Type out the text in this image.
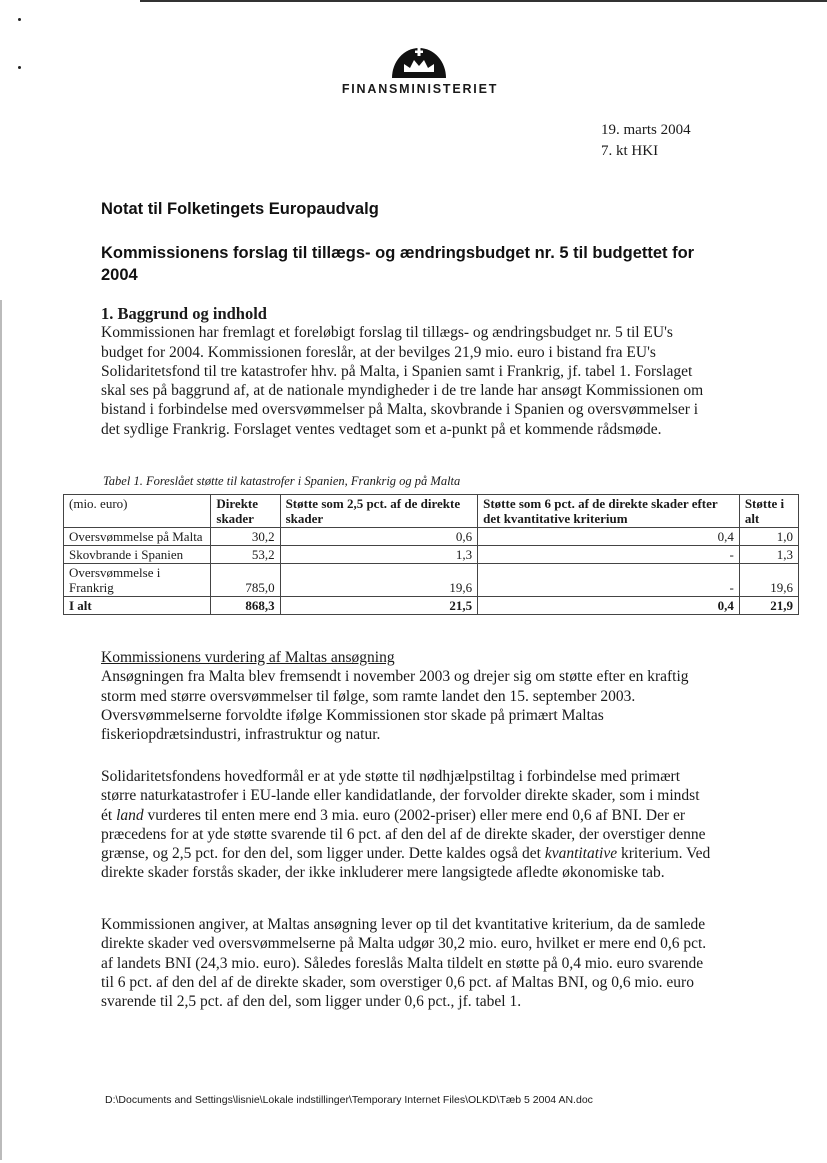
FINANSMINISTERIET
19. marts 2004
7. kt HKI
Notat til Folketingets Europaudvalg
Kommissionens forslag til tillægs- og ændringsbudget nr. 5 til budgettet for 2004
1. Baggrund og indhold
Kommissionen har fremlagt et foreløbigt forslag til tillægs- og ændringsbudget nr. 5 til EU's budget for 2004. Kommissionen foreslår, at der bevilges 21,9 mio. euro i bistand fra EU's Solidaritetsfond til tre katastrofer hhv. på Malta, i Spanien samt i Frankrig, jf. tabel 1. Forslaget skal ses på baggrund af, at de nationale myndigheder i de tre lande har ansøgt Kommissionen om bistand i forbindelse med oversvømmelser på Malta, skovbrande i Spanien og oversvømmelser i det sydlige Frankrig. Forslaget ventes vedtaget som et a-punkt på et kommende rådsmøde.
Tabel 1. Foreslået støtte til katastrofer i Spanien, Frankrig og på Malta
(mio. euro)	Direkte skader	Støtte som 2,5 pct. af de direkte skader	Støtte som 6 pct. af de direkte skader efter det kvantitative kriterium	Støtte i alt
Oversvømmelse på Malta	30,2	0,6	0,4	1,0
Skovbrande i Spanien	53,2	1,3	-	1,3
Oversvømmelse i Frankrig	785,0	19,6	-	19,6
I alt	868,3	21,5	0,4	21,9
Kommissionens vurdering af Maltas ansøgning
Ansøgningen fra Malta blev fremsendt i november 2003 og drejer sig om støtte efter en kraftig storm med større oversvømmelser til følge, som ramte landet den 15. september 2003. Oversvømmelserne forvoldte ifølge Kommissionen stor skade på primært Maltas fiskeriopdrætsindustri, infrastruktur og natur.
Solidaritetsfondens hovedformål er at yde støtte til nødhjælpstiltag i forbindelse med primært større naturkatastrofer i EU-lande eller kandidatlande, der forvolder direkte skader, som i mindst ét land vurderes til enten mere end 3 mia. euro (2002-priser) eller mere end 0,6 af BNI. Der er præcedens for at yde støtte svarende til 6 pct. af den del af de direkte skader, der overstiger denne grænse, og 2,5 pct. for den del, som ligger under. Dette kaldes også det kvantitative kriterium. Ved direkte skader forstås skader, der ikke inkluderer mere langsigtede afledte økonomiske tab.
Kommissionen angiver, at Maltas ansøgning lever op til det kvantitative kriterium, da de samlede direkte skader ved oversvømmelserne på Malta udgør 30,2 mio. euro, hvilket er mere end 0,6 pct. af landets BNI (24,3 mio. euro). Således foreslås Malta tildelt en støtte på 0,4 mio. euro svarende til 6 pct. af den del af de direkte skader, som overstiger 0,6 pct. af Maltas BNI, og 0,6 mio. euro svarende til 2,5 pct. af den del, som ligger under 0,6 pct., jf. tabel 1.
D:\Documents and Settings\lisnie\Lokale indstillinger\Temporary Internet Files\OLKD\Tæb 5 2004 AN.doc
